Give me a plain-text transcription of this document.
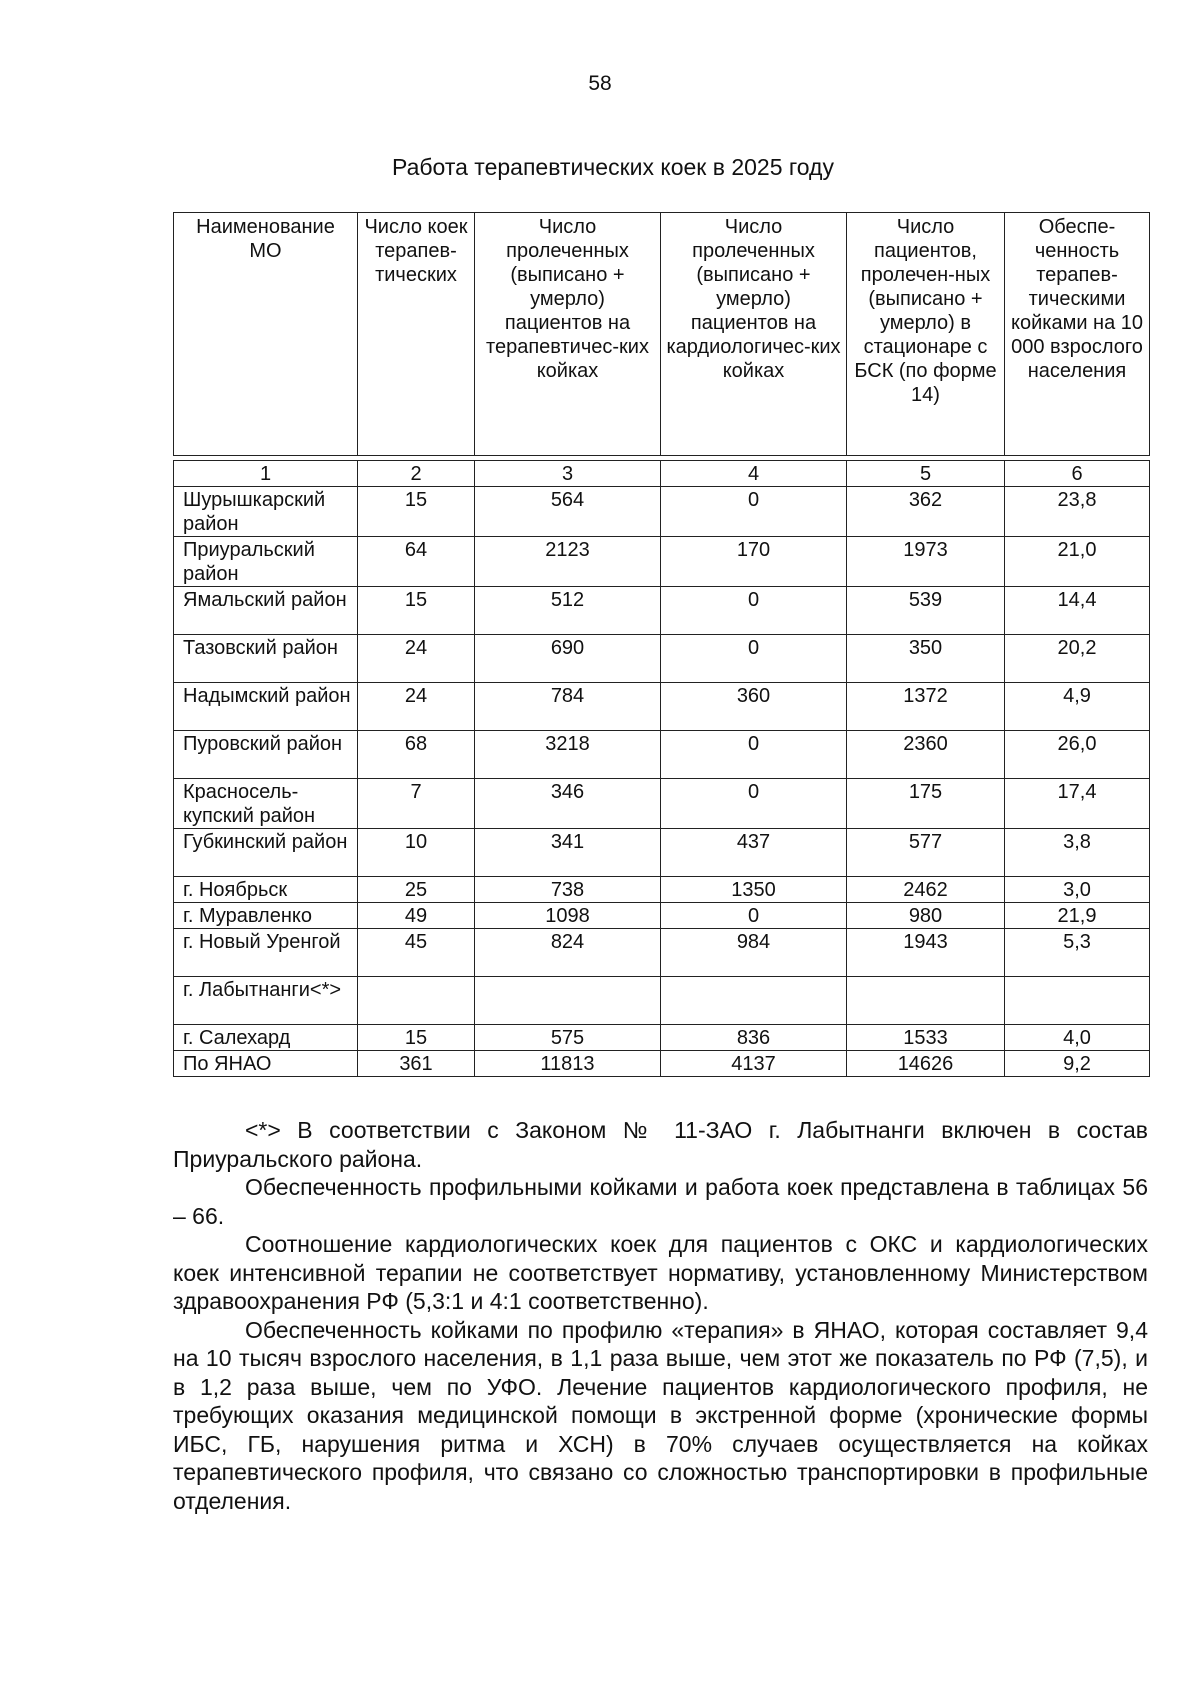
58
Работа терапевтических коек в 2025 году
Наименование МО	Число коек терапев-тических	Число пролеченных (выписано + умерло) пациентов на терапевтичес-ких койках	Число пролеченных (выписано + умерло) пациентов на кардиологичес-ких койках	Число пациентов, пролечен-ных (выписано + умерло) в стационаре с БСК (по форме 14)	Обеспе-ченность терапев-тическими койками на 10 000 взрослого населения
1	2	3	4	5	6
Шурышкарский район	15	564	0	362	23,8
Приуральский район	64	2123	170	1973	21,0
Ямальский район	15	512	0	539	14,4
Тазовский район	24	690	0	350	20,2
Надымский район	24	784	360	1372	4,9
Пуровский район	68	3218	0	2360	26,0
Красносель-купский район	7	346	0	175	17,4
Губкинский район	10	341	437	577	3,8
г. Ноябрьск	25	738	1350	2462	3,0
г. Муравленко	49	1098	0	980	21,9
г. Новый Уренгой	45	824	984	1943	5,3
г. Лабытнанги<*>					
г. Салехард	15	575	836	1533	4,0
По ЯНАО	361	11813	4137	14626	9,2

<*> В соответствии с Законом № 11-ЗАО г. Лабытнанги включен в состав Приуральского района.

Обеспеченность профильными койками и работа коек представлена в таблицах 56 – 66.

Соотношение кардиологических коек для пациентов с ОКС и кардиологических коек интенсивной терапии не соответствует нормативу, установленному Министерством здравоохранения РФ (5,3:1 и 4:1 соответственно).

Обеспеченность койками по профилю «терапия» в ЯНАО, которая составляет 9,4 на 10 тысяч взрослого населения, в 1,1 раза выше, чем этот же показатель по РФ (7,5), и в 1,2 раза выше, чем по УФО. Лечение пациентов кардиологического профиля, не требующих оказания медицинской помощи в экстренной форме (хронические формы ИБС, ГБ, нарушения ритма и ХСН) в 70% случаев осуществляется на койках терапевтического профиля, что связано со сложностью транспортировки в профильные отделения.
